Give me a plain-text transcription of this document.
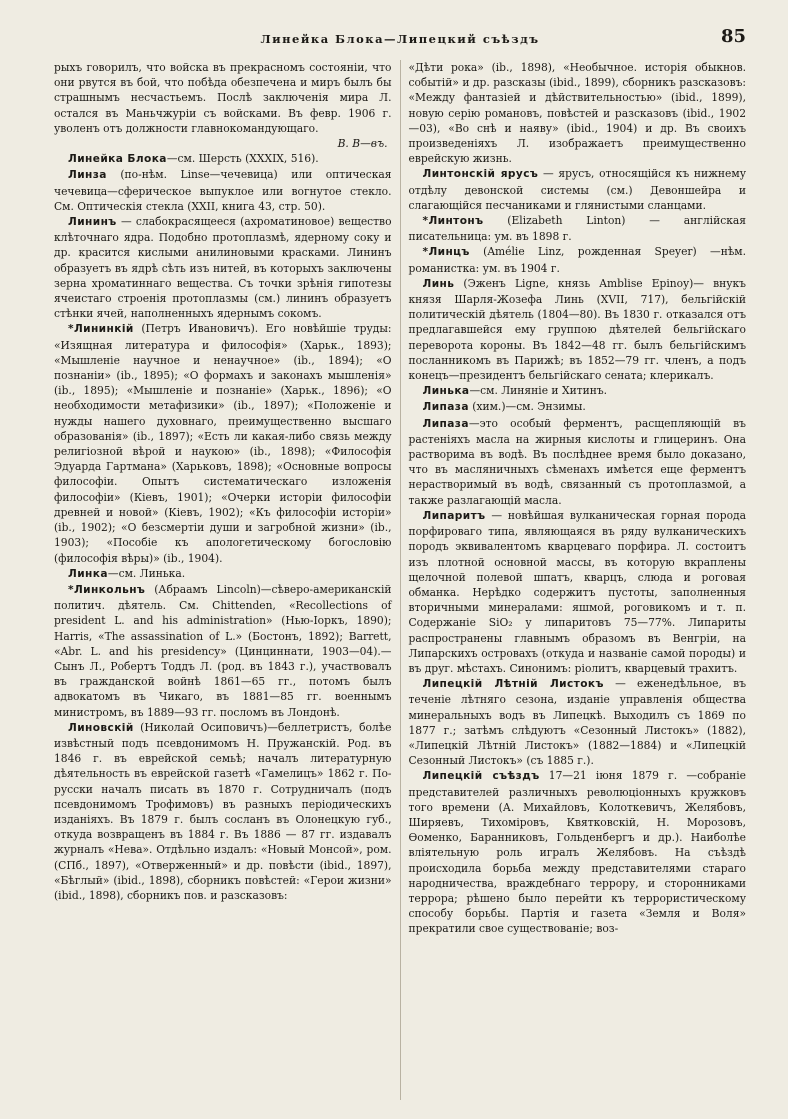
Линейка Блока—Липецкий съѣздъ	85

рыхъ говорилъ, что войска въ прекрасномъ состояніи, что они рвутся въ бой, что побѣда обезпечена и миръ былъ бы страшнымъ несчастьемъ. Послѣ заключенія мира Л. остался въ Маньчжуріи съ войсками. Въ февр. 1906 г. уволенъ отъ должности главнокомандующаго.

В. В—въ.

Линейка Блока—см. Шерсть (XXXIX, 516).

Линза (по-нѣм. Linse—чечевица) или оптическая чечевица—сферическое выпуклое или вогнутое стекло. См. Оптическія стекла (XXII, книга 43, стр. 50).

Лининъ — слабокрасящееся (ахроматиновое) вещество клѣточнаго ядра. Подобно протоплазмѣ, ядерному соку и др. красится кислыми анилиновыми красками. Лининъ образуетъ въ ядрѣ сѣть изъ нитей, въ которыхъ заключены зерна хроматиннаго вещества. Съ точки зрѣнія гипотезы ячеистаго строенія протоплазмы (см.) лининъ образуетъ стѣнки ячей, наполненныхъ ядернымъ сокомъ.

*Лининкій (Петръ Ивановичъ). Его новѣйшіе труды: «Изящная литература и философія» (Харьк., 1893); «Мышленіе научное и ненаучное» (ib., 1894); «О познаніи» (ib., 1895); «О формахъ и законахъ мышленія» (ib., 1895); «Мышленіе и познаніе» (Харьк., 1896); «О необходимости метафизики» (ib., 1897); «Положеніе и нужды нашего духовнаго, преимущественно высшаго образованія» (ib., 1897); «Есть ли какая-либо связь между религіозной вѣрой и наукою» (ib., 1898); «Философія Эдуарда Гартмана» (Харьковъ, 1898); «Основные вопросы философіи. Опытъ систематическаго изложенія философіи» (Кіевъ, 1901); «Очерки исторіи философіи древней и новой» (Кіевъ, 1902); «Къ философіи исторіи» (ib., 1902); «О безсмертіи души и загробной жизни» (ib., 1903); «Пособіе къ апологетическому богословію (философія вѣры)» (ib., 1904).

Линка—см. Линька.

*Линкольнъ (Абраамъ Lincoln)—сѣверо-американскій политич. дѣятель. См. Chittenden, «Recollections of president L. and his administration» (Нью-Іоркъ, 1890); Harris, «The assassination of L.» (Бостонъ, 1892); Barrett, «Abr. L. and his presidency» (Цинциннати, 1903—04).—Сынъ Л., Робертъ Тоддъ Л. (род. въ 1843 г.), участвовалъ въ гражданской войнѣ 1861—65 гг., потомъ былъ адвокатомъ въ Чикаго, въ 1881—85 гг. военнымъ министромъ, въ 1889—93 гг. посломъ въ Лондонѣ.

Линовскій (Николай Осиповичъ)—беллетристъ, болѣе извѣстный подъ псевдонимомъ Н. Пружанскій. Род. въ 1846 г. въ еврейской семьѣ; началъ литературную дѣятельность въ еврейской газетѣ «Гамелицъ» 1862 г. По-русски началъ писать въ 1870 г. Сотрудничалъ (подъ псевдонимомъ Трофимовъ) въ разныхъ періодическихъ изданіяхъ. Въ 1879 г. былъ сосланъ въ Олонецкую губ., откуда возвращенъ въ 1884 г. Въ 1886 — 87 гг. издавалъ журналъ «Нева». Отдѣльно издалъ: «Новый Монсой», ром. (СПб., 1897), «Отверженный» и др. повѣсти (ibid., 1897), «Бѣглый» (ibid., 1898), сборникъ повѣстей: «Герои жизни» (ibid., 1898), сборникъ пов. и разсказовъ:

«Дѣти рока» (ib., 1898), «Необычное. исторія обыкнов. событій» и др. разсказы (ibid., 1899), сборникъ разсказовъ: «Между фантазіей и дѣйствительностью» (ibid., 1899), новую серію романовъ, повѣстей и разсказовъ (ibid., 1902—03), «Во снѣ и наяву» (ibid., 1904) и др. Въ своихъ произведеніяхъ Л. изображаетъ преимущественно еврейскую жизнь.

Линтонскій ярусъ — ярусъ, относящійся къ нижнему отдѣлу девонской системы (см.) Девоншейра и слагающійся песчаниками и глянистыми сланцами.

*Линтонъ (Elizabeth Linton) — англійская писательница: ум. въ 1898 г.

*Линцъ (Amélie Linz, рожденная Speyer) —нѣм. романистка: ум. въ 1904 г.

Линь (Эженъ Ligne, князь Amblise Epinoy)— внукъ князя Шарля-Жозефа Линь (XVII, 717), бельгійскій политическій дѣятель (1804—80). Въ 1830 г. отказался отъ предлагавшейся ему группою дѣятелей бельгійскаго переворота короны. Въ 1842—48 гг. былъ бельгійскимъ посланникомъ въ Парижѣ; въ 1852—79 гг. членъ, а подъ конецъ—президентъ бельгійскаго сената; клерикалъ.

Линька—см. Линяніе и Хитинъ.

Липаза (хим.)—см. Энзимы.

Липаза—это особый ферментъ, расщепляющій въ растеніяхъ масла на жирныя кислоты и глицеринъ. Она растворима въ водѣ. Въ послѣднее время было доказано, что въ масляничныхъ сѣменахъ имѣется еще ферментъ нерастворимый въ водѣ, связанный съ протоплазмой, а также разлагающій масла.

Липаритъ — новѣйшая вулканическая горная порода порфироваго типа, являющаяся въ ряду вулканическихъ породъ эквивалентомъ кварцеваго порфира. Л. состоитъ изъ плотной основной массы, въ которую вкраплены щелочной полевой шпатъ, кварцъ, слюда и роговая обманка. Нерѣдко содержитъ пустоты, заполненныя вторичными минералами: яшмой, роговикомъ и т. п. Содержаніе SiO₂ у липаритовъ 75—77%. Липариты распространены главнымъ образомъ въ Венгріи, на Липарскихъ островахъ (откуда и названіе самой породы) и въ друг. мѣстахъ. Синонимъ: ріолитъ, кварцевый трахитъ.

Липецкій Лѣтній Листокъ — еженедѣльное, въ теченіе лѣтняго сезона, изданіе управленія общества минеральныхъ водъ въ Липецкѣ. Выходилъ съ 1869 по 1877 г.; затѣмъ слѣдуютъ «Сезонный Листокъ» (1882), «Липецкій Лѣтній Листокъ» (1882—1884) и «Липецкій Сезонный Листокъ» (съ 1885 г.).

Липецкій съѣздъ 17—21 іюня 1879 г. —собраніе представителей различныхъ революціонныхъ кружковъ того времени (А. Михайловъ, Колоткевичъ, Желябовъ, Ширяевъ, Тихоміровъ, Квятковскій, Н. Морозовъ, Өоменко, Баранниковъ, Гольденбергъ и др.). Наиболѣе вліятельную роль игралъ Желябовъ. На съѣздѣ происходила борьба между представителями стараго народничества, враждебнаго террору, и сторонниками террора; рѣшено было перейти къ террористическому способу борьбы. Партія и газета «Земля и Воля» прекратили свое существованіе; воз-
